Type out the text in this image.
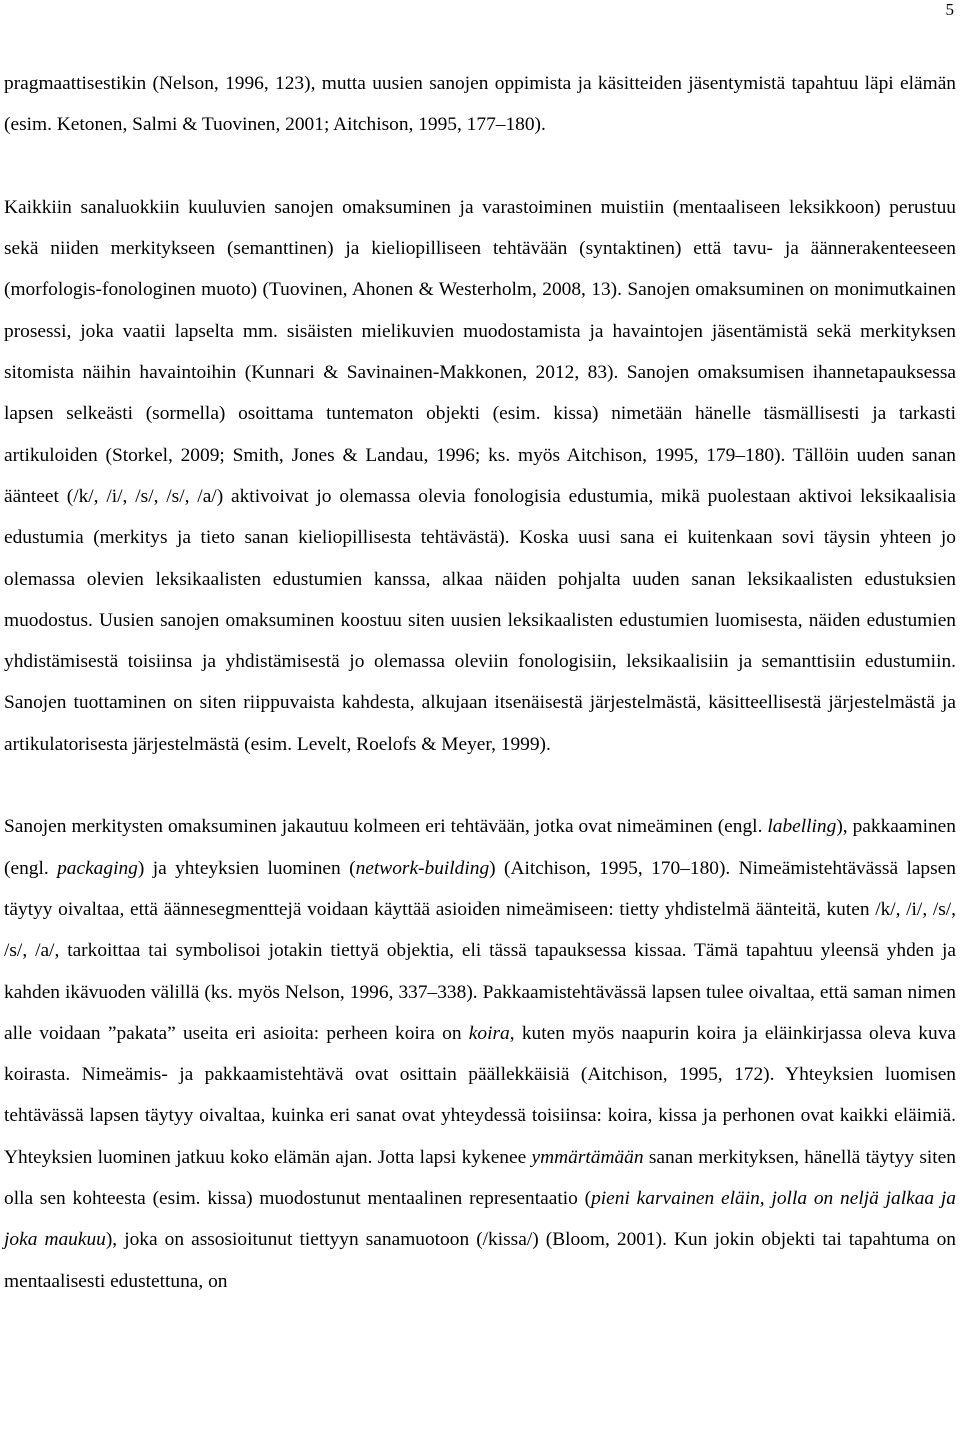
5

pragmaattisestikin (Nelson, 1996, 123), mutta uusien sanojen oppimista ja käsitteiden jäsentymistä tapahtuu läpi elämän (esim. Ketonen, Salmi & Tuovinen, 2001; Aitchison, 1995, 177–180).

Kaikkiin sanaluokkiin kuuluvien sanojen omaksuminen ja varastoiminen muistiin (mentaaliseen leksikkoon) perustuu sekä niiden merkitykseen (semanttinen) ja kieliopilliseen tehtävään (syntaktinen) että tavu- ja äännerakenteeseen (morfologis-fonologinen muoto) (Tuovinen, Ahonen & Westerholm, 2008, 13). Sanojen omaksuminen on monimutkainen prosessi, joka vaatii lapselta mm. sisäisten mielikuvien muodostamista ja havaintojen jäsentämistä sekä merkityksen sitomista näihin havaintoihin (Kunnari & Savinainen-Makkonen, 2012, 83). Sanojen omaksumisen ihannetapauksessa lapsen selkeästi (sormella) osoittama tuntematon objekti (esim. kissa) nimetään hänelle täsmällisesti ja tarkasti artikuloiden (Storkel, 2009; Smith, Jones & Landau, 1996; ks. myös Aitchison, 1995, 179–180). Tällöin uuden sanan äänteet (/k/, /i/, /s/, /s/, /a/) aktivoivat jo olemassa olevia fonologisia edustumia, mikä puolestaan aktivoi leksikaalisia edustumia (merkitys ja tieto sanan kieliopillisesta tehtävästä). Koska uusi sana ei kuitenkaan sovi täysin yhteen jo olemassa olevien leksikaalisten edustumien kanssa, alkaa näiden pohjalta uuden sanan leksikaalisten edustuksien muodostus. Uusien sanojen omaksuminen koostuu siten uusien leksikaalisten edustumien luomisesta, näiden edustumien yhdistämisestä toisiinsa ja yhdistämisestä jo olemassa oleviin fonologisiin, leksikaalisiin ja semanttisiin edustumiin. Sanojen tuottaminen on siten riippuvaista kahdesta, alkujaan itsenäisestä järjestelmästä, käsitteellisestä järjestelmästä ja artikulatorisesta järjestelmästä (esim. Levelt, Roelofs & Meyer, 1999).

Sanojen merkitysten omaksuminen jakautuu kolmeen eri tehtävään, jotka ovat nimeäminen (engl. labelling), pakkaaminen (engl. packaging) ja yhteyksien luominen (network-building) (Aitchison, 1995, 170–180). Nimeämistehtävässä lapsen täytyy oivaltaa, että äännesegmenttejä voidaan käyttää asioiden nimeämiseen: tietty yhdistelmä äänteitä, kuten /k/, /i/, /s/, /s/, /a/, tarkoittaa tai symbolisoi jotakin tiettyä objektia, eli tässä tapauksessa kissaa. Tämä tapahtuu yleensä yhden ja kahden ikävuoden välillä (ks. myös Nelson, 1996, 337–338). Pakkaamistehtävässä lapsen tulee oivaltaa, että saman nimen alle voidaan ”pakata” useita eri asioita: perheen koira on koira, kuten myös naapurin koira ja eläinkirjassa oleva kuva koirasta. Nimeämis- ja pakkaamistehtävä ovat osittain päällekkäisiä (Aitchison, 1995, 172). Yhteyksien luomisen tehtävässä lapsen täytyy oivaltaa, kuinka eri sanat ovat yhteydessä toisiinsa: koira, kissa ja perhonen ovat kaikki eläimiä. Yhteyksien luominen jatkuu koko elämän ajan. Jotta lapsi kykenee ymmärtämään sanan merkityksen, hänellä täytyy siten olla sen kohteesta (esim. kissa) muodostunut mentaalinen representaatio (pieni karvainen eläin, jolla on neljä jalkaa ja joka maukuu), joka on assosioitunut tiettyyn sanamuotoon (/kissa/) (Bloom, 2001). Kun jokin objekti tai tapahtuma on mentaalisesti edustettuna, on
